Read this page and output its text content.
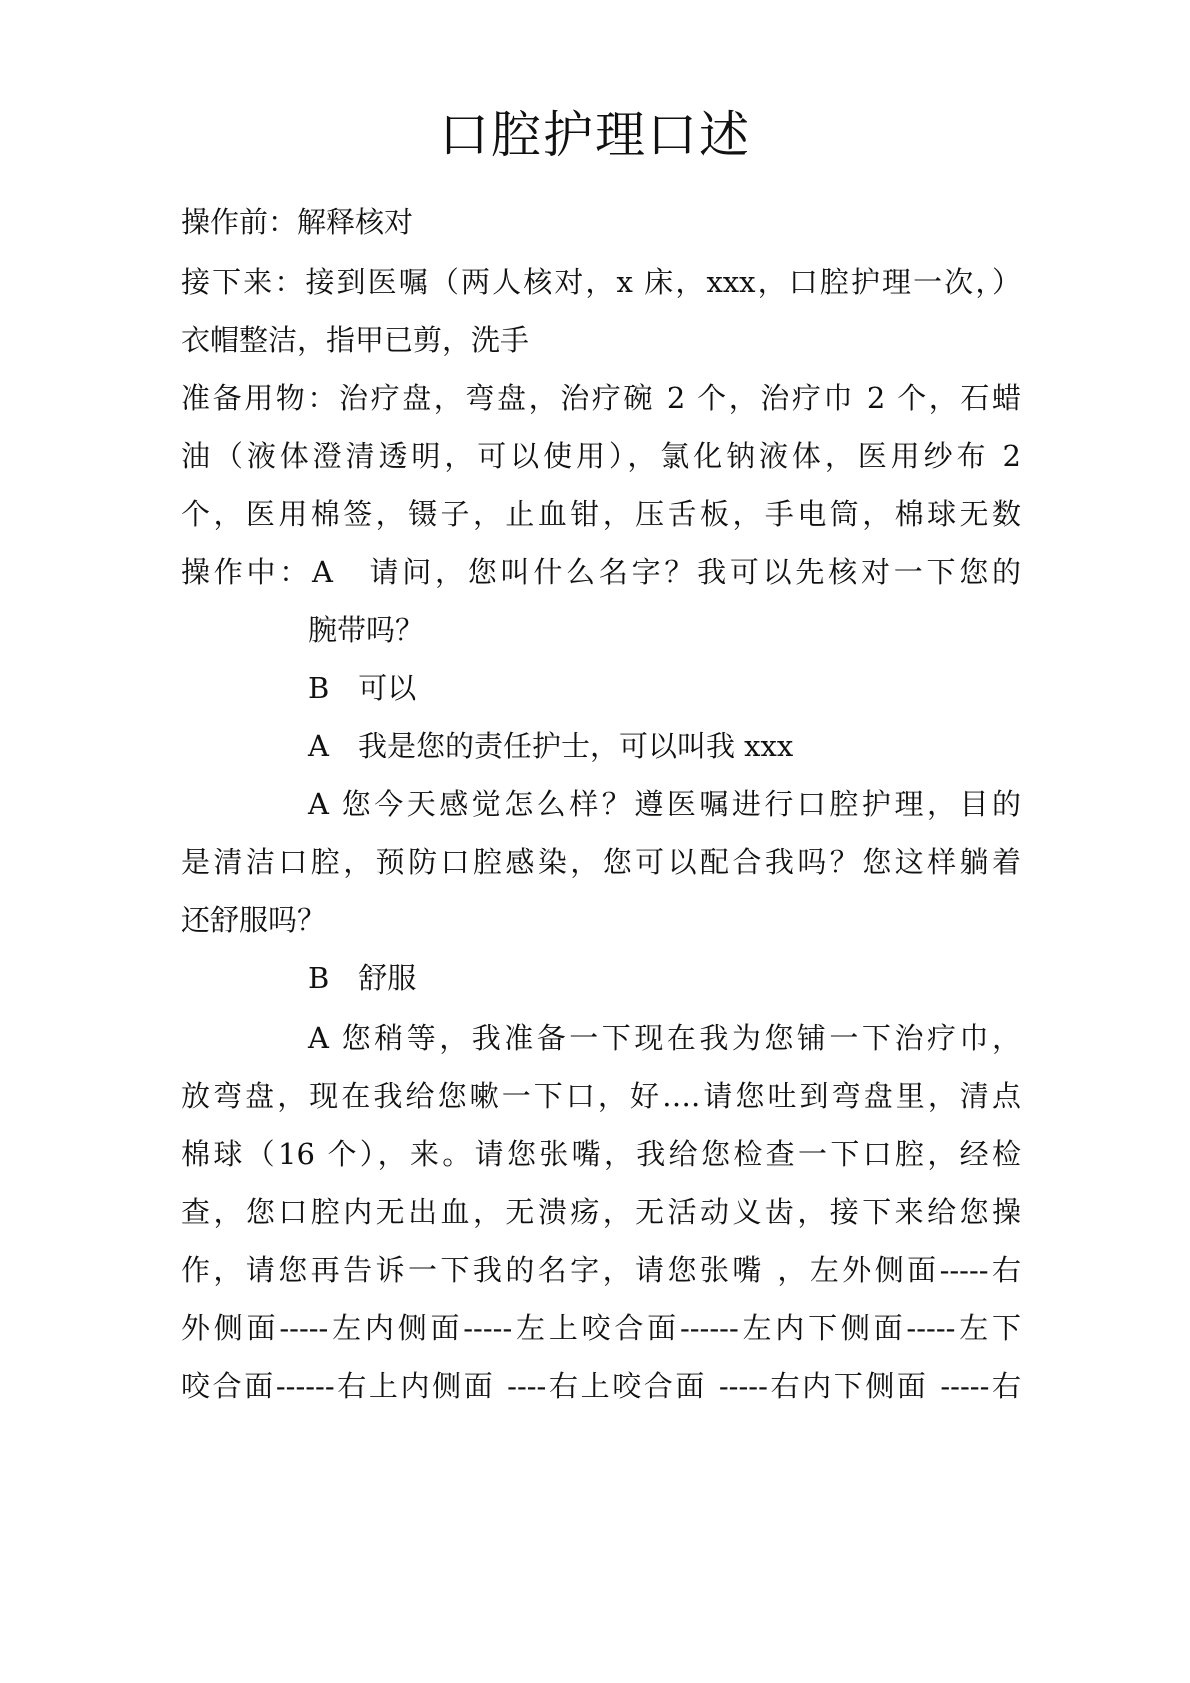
口腔护理口述
操作前：解释核对
接下来：接到医嘱（两人核对，x 床，xxx，口腔护理一次，）
衣帽整洁，指甲已剪，洗手
准备用物：治疗盘，弯盘，治疗碗 2 个，治疗巾 2 个，石蜡
油（液体澄清透明，可以使用），氯化钠液体，医用纱布 2
个，医用棉签，镊子，止血钳，压舌板，手电筒，棉球无数
操作中：A　请问，您叫什么名字？我可以先核对一下您的
腕带吗？
B　可以
A　我是您的责任护士，可以叫我 xxx
A 您今天感觉怎么样？遵医嘱进行口腔护理，目的
是清洁口腔，预防口腔感染，您可以配合我吗？您这样躺着
还舒服吗？
B　舒服
A 您稍等，我准备一下现在我为您铺一下治疗巾，
放弯盘，现在我给您嗽一下口，好….请您吐到弯盘里，清点
棉球（16 个），来。请您张嘴，我给您检查一下口腔，经检
查，您口腔内无出血，无溃疡，无活动义齿，接下来给您操
作，请您再告诉一下我的名字，请您张嘴 ，左外侧面-----右
外侧面-----左内侧面-----左上咬合面------左内下侧面-----左下
咬合面------右上内侧面 ----右上咬合面 -----右内下侧面 -----右
